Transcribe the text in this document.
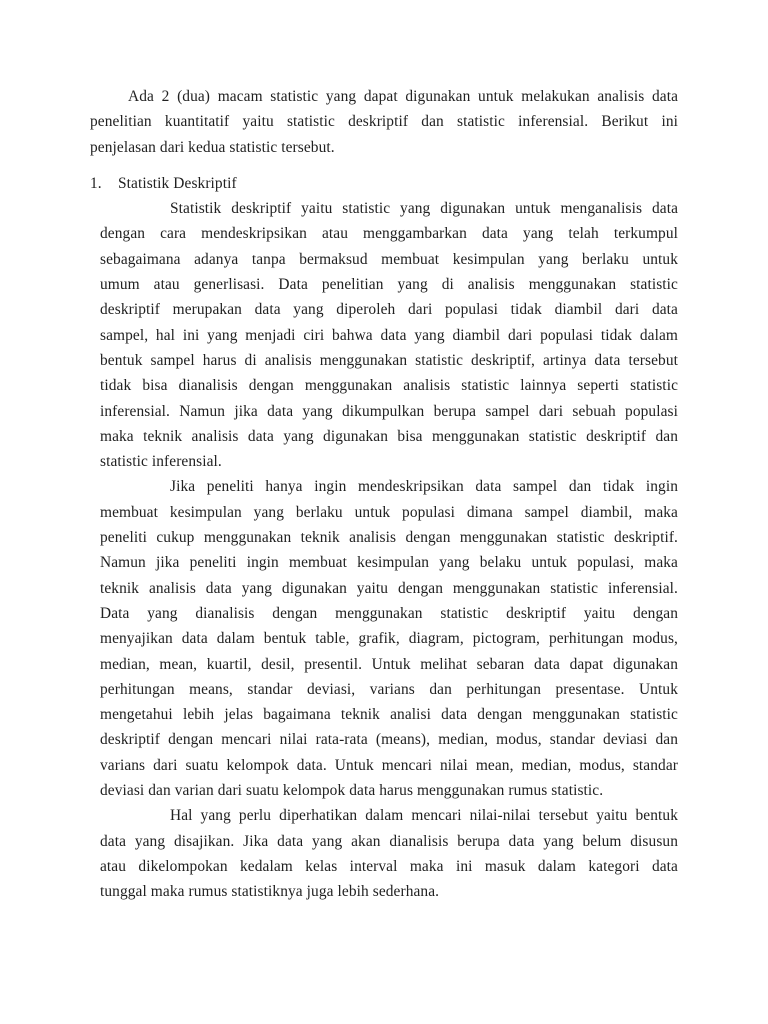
Ada 2 (dua) macam statistic yang dapat digunakan untuk melakukan analisis data
penelitian kuantitatif yaitu statistic deskriptif dan statistic inferensial. Berikut ini
penjelasan dari kedua statistic tersebut.
1. Statistik Deskriptif
Statistik deskriptif yaitu statistic yang digunakan untuk menganalisis data
dengan cara mendeskripsikan atau menggambarkan data yang telah terkumpul
sebagaimana adanya tanpa bermaksud membuat kesimpulan yang berlaku untuk
umum atau generlisasi. Data penelitian yang di analisis menggunakan statistic
deskriptif merupakan data yang diperoleh dari populasi tidak diambil dari data
sampel, hal ini yang menjadi ciri bahwa data yang diambil dari populasi tidak dalam
bentuk sampel harus di analisis menggunakan statistic deskriptif, artinya data tersebut
tidak bisa dianalisis dengan menggunakan analisis statistic lainnya seperti statistic
inferensial. Namun jika data yang dikumpulkan berupa sampel dari sebuah populasi
maka teknik analisis data yang digunakan bisa menggunakan statistic deskriptif dan
statistic inferensial.
Jika peneliti hanya ingin mendeskripsikan data sampel dan tidak ingin
membuat kesimpulan yang berlaku untuk populasi dimana sampel diambil, maka
peneliti cukup menggunakan teknik analisis dengan menggunakan statistic deskriptif.
Namun jika peneliti ingin membuat kesimpulan yang belaku untuk populasi, maka
teknik analisis data yang digunakan yaitu dengan menggunakan statistic inferensial.
Data yang dianalisis dengan menggunakan statistic deskriptif yaitu dengan
menyajikan data dalam bentuk table, grafik, diagram, pictogram, perhitungan modus,
median, mean, kuartil, desil, presentil. Untuk melihat sebaran data dapat digunakan
perhitungan means, standar deviasi, varians dan perhitungan presentase. Untuk
mengetahui lebih jelas bagaimana teknik analisi data dengan menggunakan statistic
deskriptif dengan mencari nilai rata-rata (means), median, modus, standar deviasi dan
varians dari suatu kelompok data. Untuk mencari nilai mean, median, modus, standar
deviasi dan varian dari suatu kelompok data harus menggunakan rumus statistic.
Hal yang perlu diperhatikan dalam mencari nilai-nilai tersebut yaitu bentuk
data yang disajikan. Jika data yang akan dianalisis berupa data yang belum disusun
atau dikelompokan kedalam kelas interval maka ini masuk dalam kategori data
tunggal maka rumus statistiknya juga lebih sederhana.
